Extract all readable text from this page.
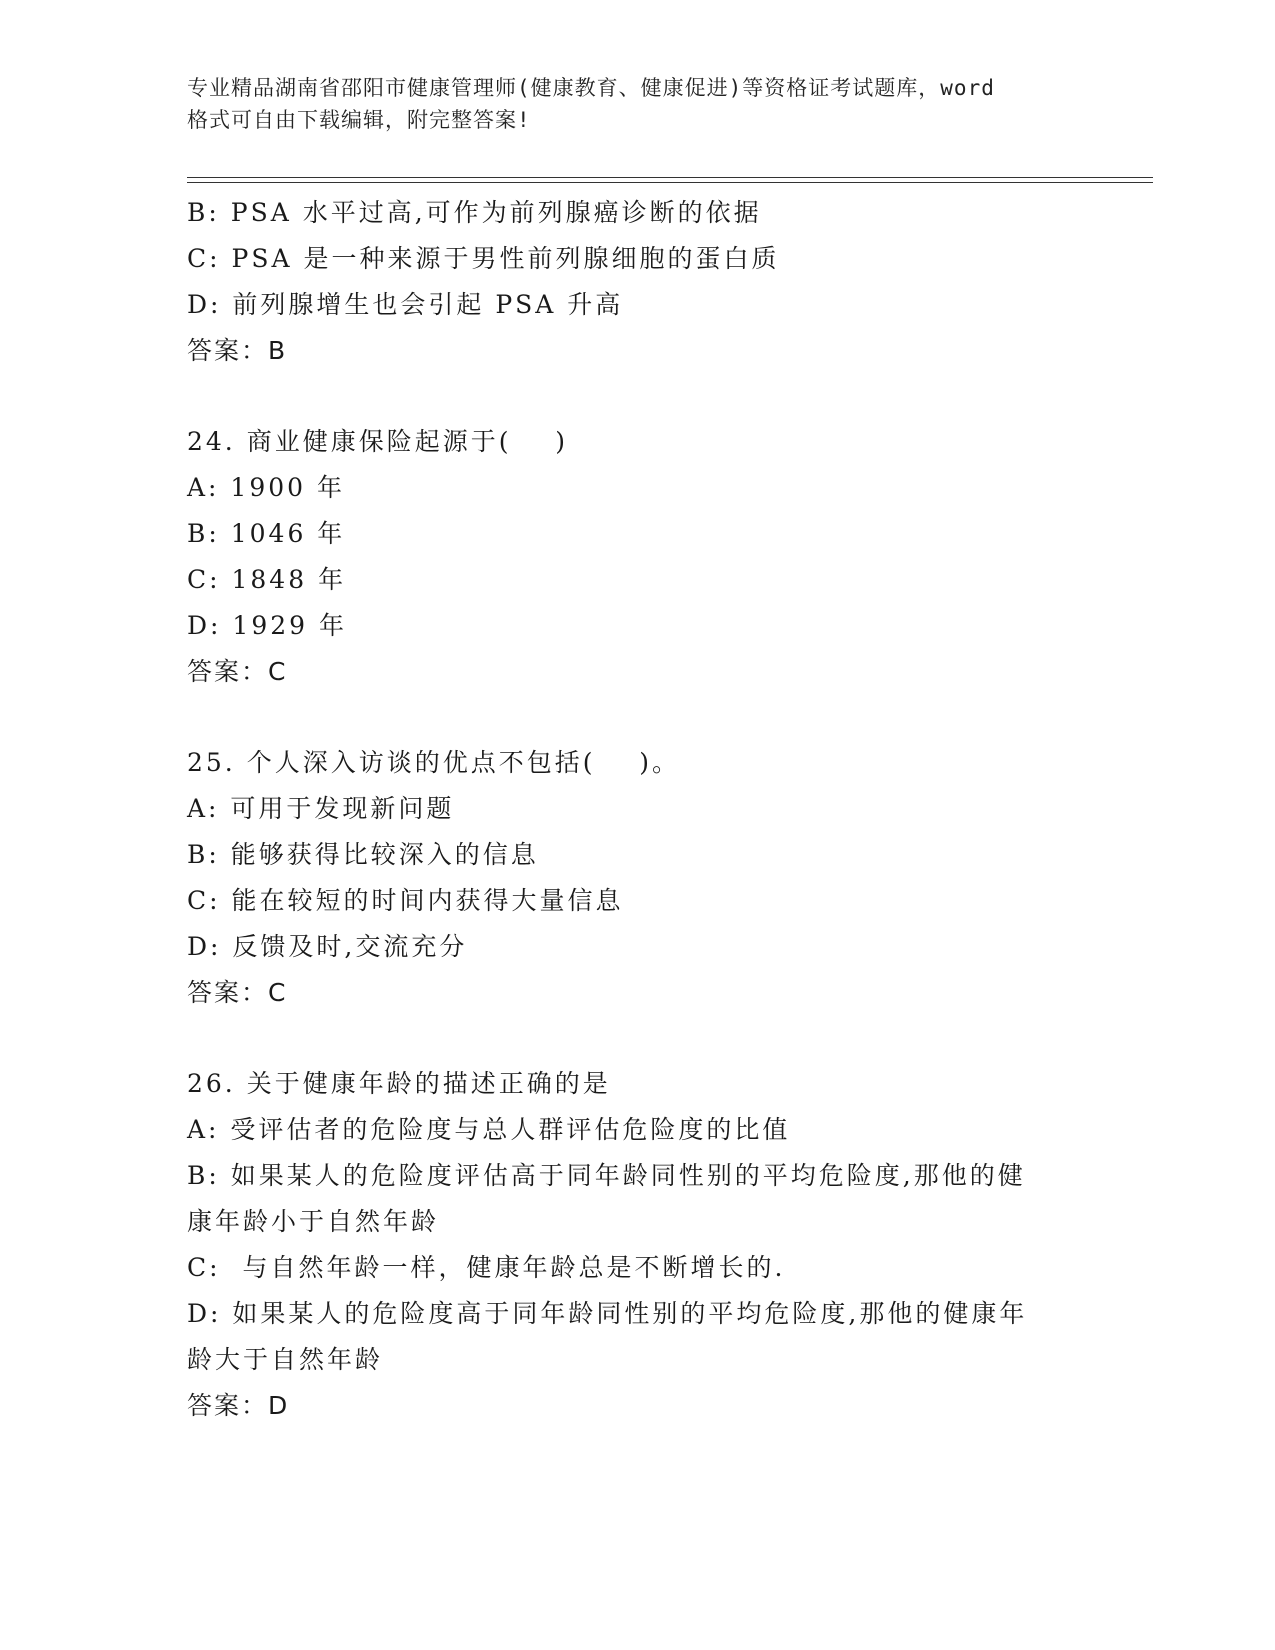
专业精品湖南省邵阳市健康管理师(健康教育、健康促进)等资格证考试题库，word
格式可自由下载编辑，附完整答案!
B: PSA 水平过高,可作为前列腺癌诊断的依据
C: PSA 是一种来源于男性前列腺细胞的蛋白质
D: 前列腺增生也会引起 PSA 升高
答案：B
24. 商业健康保险起源于(    )
A: 1900 年
B: 1046 年
C: 1848 年
D: 1929 年
答案：C
25. 个人深入访谈的优点不包括(    )。
A: 可用于发现新问题
B: 能够获得比较深入的信息
C: 能在较短的时间内获得大量信息
D: 反馈及时,交流充分
答案：C
26. 关于健康年龄的描述正确的是
A: 受评估者的危险度与总人群评估危险度的比值
B: 如果某人的危险度评估高于同年龄同性别的平均危险度,那他的健
康年龄小于自然年龄
C:  与自然年龄一样，健康年龄总是不断增长的.
D: 如果某人的危险度高于同年龄同性别的平均危险度,那他的健康年
龄大于自然年龄
答案：D
